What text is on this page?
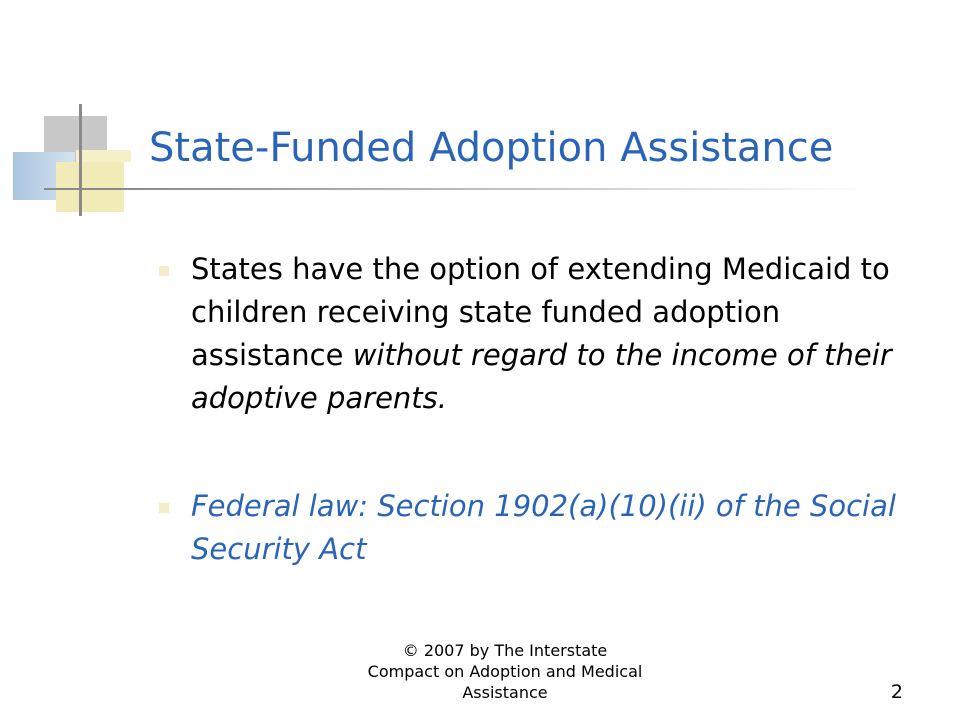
State-Funded Adoption Assistance
States have the option of extending Medicaid to children receiving state funded adoption assistance without regard to the income of their adoptive parents.
Federal law: Section 1902(a)(10)(ii) of the Social Security Act
© 2007 by The Interstate
Compact on Adoption and Medical
Assistance	2
